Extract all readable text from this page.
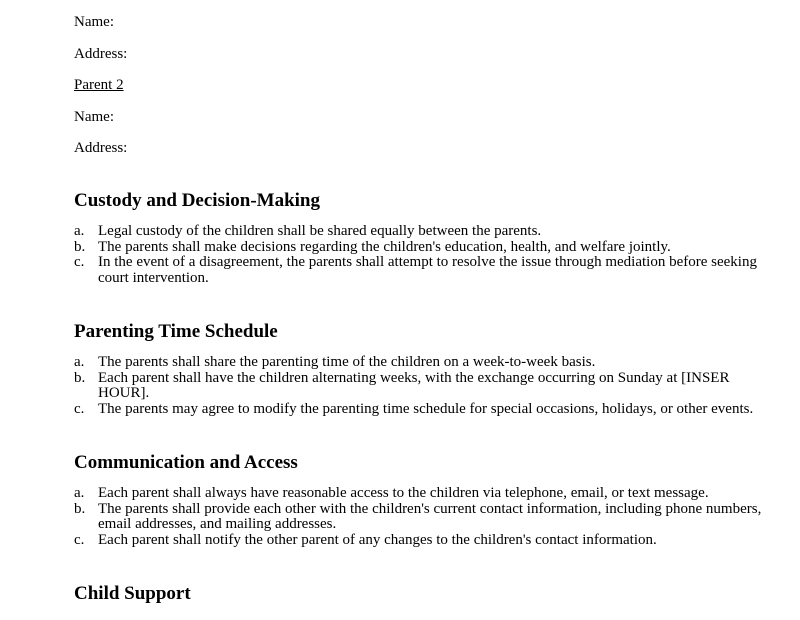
Name:
Address:
Parent 2
Name:
Address:
Custody and Decision-Making
a. Legal custody of the children shall be shared equally between the parents.
b. The parents shall make decisions regarding the children's education, health, and welfare jointly.
c. In the event of a disagreement, the parents shall attempt to resolve the issue through mediation before seeking court intervention.
Parenting Time Schedule
a. The parents shall share the parenting time of the children on a week-to-week basis.
b. Each parent shall have the children alternating weeks, with the exchange occurring on Sunday at [INSER HOUR].
c. The parents may agree to modify the parenting time schedule for special occasions, holidays, or other events.
Communication and Access
a. Each parent shall always have reasonable access to the children via telephone, email, or text message.
b. The parents shall provide each other with the children's current contact information, including phone numbers, email addresses, and mailing addresses.
c. Each parent shall notify the other parent of any changes to the children's contact information.
Child Support
